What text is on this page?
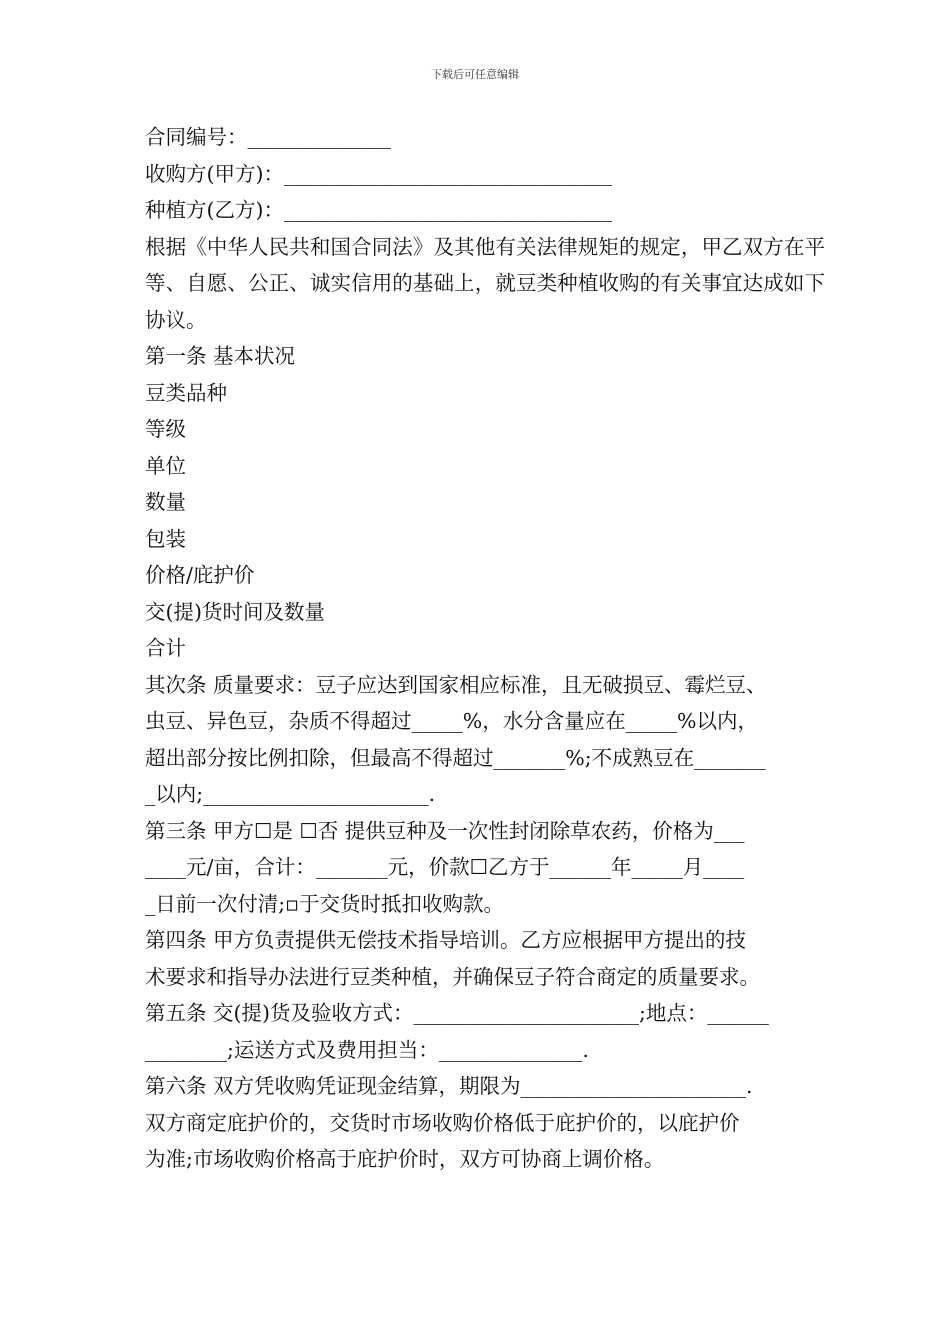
下载后可任意编辑
合同编号：______________
收购方(甲方)：________________________________
种植方(乙方)：________________________________
根据《中华人民共和国合同法》及其他有关法律规矩的规定，甲乙双方在平等、自愿、公正、诚实信用的基础上，就豆类种植收购的有关事宜达成如下协议。
第一条 基本状况
豆类品种
等级
单位
数量
包装
价格/庇护价
交(提)货时间及数量
合计
其次条 质量要求：豆子应达到国家相应标准，且无破损豆、霉烂豆、
虫豆、异色豆，杂质不得超过_____%，水分含量应在_____%以内，
超出部分按比例扣除，但最高不得超过_______%;不成熟豆在_______
_以内;______________________.
第三条 甲方☐是 ☐否 提供豆种及一次性封闭除草农药，价格为___
____元/亩，合计：_______元，价款☐乙方于______年_____月____
_日前一次付清;▫于交货时抵扣收购款。
第四条 甲方负责提供无偿技术指导培训。乙方应根据甲方提出的技
术要求和指导办法进行豆类种植，并确保豆子符合商定的质量要求。
第五条 交(提)货及验收方式：______________________;地点：______
________;运送方式及费用担当：______________.
第六条 双方凭收购凭证现金结算，期限为______________________.
双方商定庇护价的，交货时市场收购价格低于庇护价的，以庇护价
为准;市场收购价格高于庇护价时，双方可协商上调价格。
